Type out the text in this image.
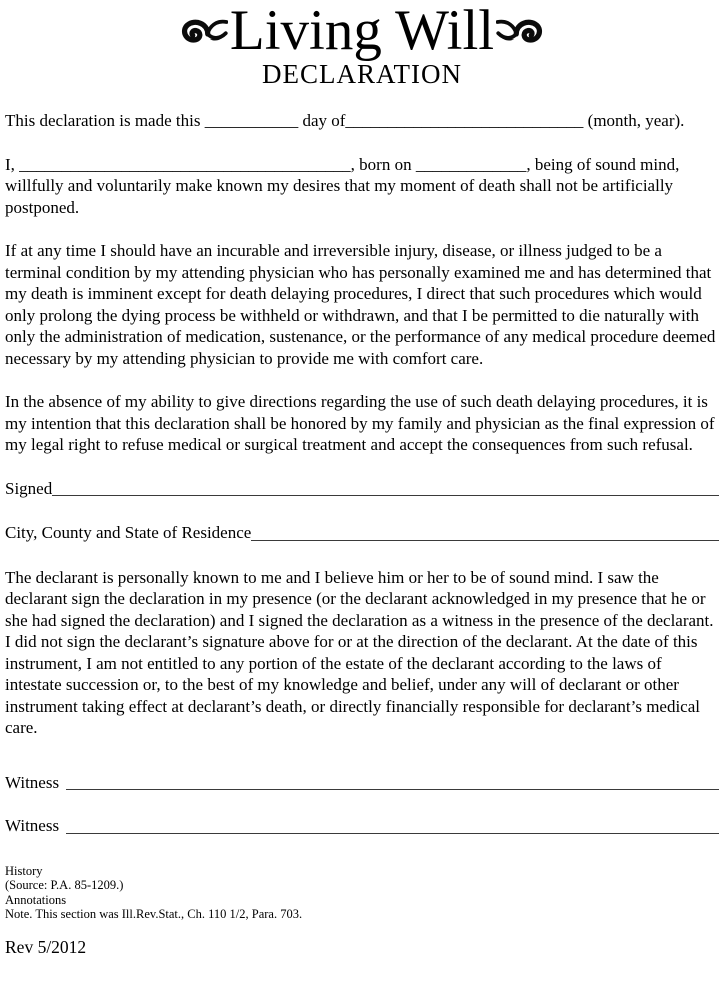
Living Will
DECLARATION

This declaration is made this ___________ day of____________________________ (month, year).

I, _______________________________________, born on _____________, being of sound mind, willfully and voluntarily make known my desires that my moment of death shall not be artificially postponed.

If at any time I should have an incurable and irreversible injury, disease, or illness judged to be a terminal condition by my attending physician who has personally examined me and has determined that my death is imminent except for death delaying procedures, I direct that such procedures which would only prolong the dying process be withheld or withdrawn, and that I be permitted to die naturally with only the administration of medication, sustenance, or the performance of any medical procedure deemed necessary by my attending physician to provide me with comfort care.

In the absence of my ability to give directions regarding the use of such death delaying procedures, it is my intention that this declaration shall be honored by my family and physician as the final expression of my legal right to refuse medical or surgical treatment and accept the consequences from such refusal.

Signed
City, County and State of Residence

The declarant is personally known to me and I believe him or her to be of sound mind. I saw the declarant sign the declaration in my presence (or the declarant acknowledged in my presence that he or she had signed the declaration) and I signed the declaration as a witness in the presence of the declarant. I did not sign the declarant’s signature above for or at the direction of the declarant. At the date of this instrument, I am not entitled to any portion of the estate of the declarant according to the laws of intestate succession or, to the best of my knowledge and belief, under any will of declarant or other instrument taking effect at declarant’s death, or directly financially responsible for declarant’s medical care.

Witness
Witness
History
(Source: P.A. 85-1209.)
Annotations
Note. This section was Ill.Rev.Stat., Ch. 110 1/2, Para. 703.
Rev 5/2012
